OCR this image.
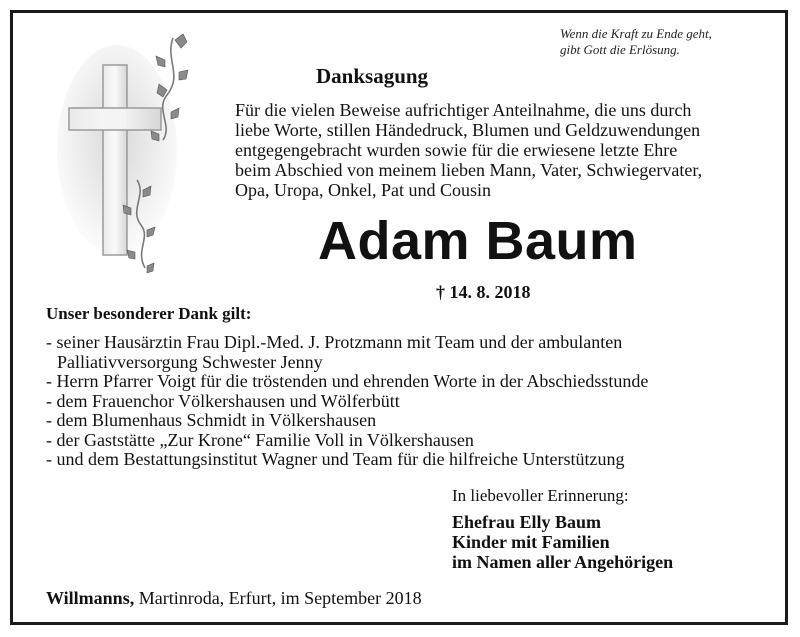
Wenn die Kraft zu Ende geht,
gibt Gott die Erlösung.
Danksagung
Für die vielen Beweise aufrichtiger Anteilnahme, die uns durch
liebe Worte, stillen Händedruck, Blumen und Geldzuwendungen
entgegengebracht wurden sowie für die erwiesene letzte Ehre
beim Abschied von meinem lieben Mann, Vater, Schwiegervater,
Opa, Uropa, Onkel, Pat und Cousin
Adam Baum
† 14. 8. 2018
Unser besonderer Dank gilt:
- seiner Hausärztin Frau Dipl.-Med. J. Protzmann mit Team und der ambulanten
Palliativversorgung Schwester Jenny
- Herrn Pfarrer Voigt für die tröstenden und ehrenden Worte in der Abschiedsstunde
- dem Frauenchor Völkershausen und Wölferbütt
- dem Blumenhaus Schmidt in Völkershausen
- der Gaststätte „Zur Krone“ Familie Voll in Völkershausen
- und dem Bestattungsinstitut Wagner und Team für die hilfreiche Unterstützung
In liebevoller Erinnerung:
Ehefrau Elly Baum
Kinder mit Familien
im Namen aller Angehörigen
Willmanns, Martinroda, Erfurt, im September 2018
